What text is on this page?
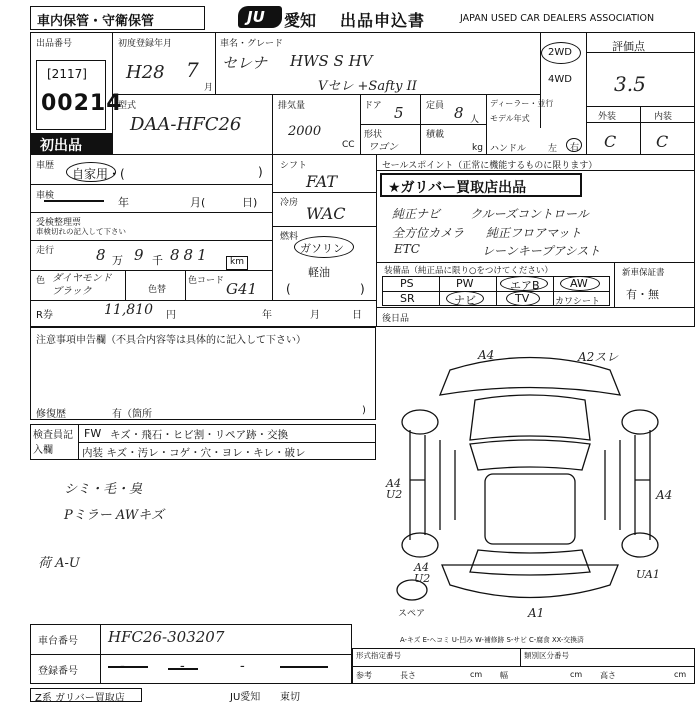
車内保管・守衛保管	JU 愛知 出品申込書	JAPAN USED CAR DEALERS ASSOCIATION
出品番号
[2117]
00214
初出品
初度登録年月
H28 7
月
車名・グレード
セレナ HWS S HV
Vセレ +Safty II
2WD
4WD
評価点
3.5
外装	内装
C C
型式
DAA-HFC26
排気量
2000
CC
ドア 5 定員 8 人
形状
ワゴン
積載
kg
ディーラー・並行
モデル年式
ハンドル 左 右
車歴
自家用・(	)
車検	年	月(	日)
受検整理票
車検切れの記入して下さい
走行	8 万 9 千 881 km
色 ダイヤモンド ブラック	色替
色コード G41
シフト
FAT
冷房
WAC
燃料
ガソリン
軽油
(	)
R券	11,810 円	年	月	日
セールスポイント（正常に機能するものに限ります）
★ガリバー買取店出品
純正ナビ クルーズコントロール
全方位カメラ 純正フロアマット
ETC	レーンキープアシスト
装備品（純正品に限り○をつけてください）	新車保証書
有・無
PS	PW	エアB	AW
SR	ナビ	TV	カワシート
後日品
注意事項申告欄（不具合内容等は具体的に記入して下さい）
修復歴	有（箇所	)
検査員記入欄
FW キズ・飛石・ヒビ割・リペア跡・交換
内装 キズ・汚レ・コゲ・穴・ヨレ・キレ・破レ
シミ・毛・臭
Pミラー AWキズ
荷 A-U
A4	A2スレ
A4 U2	A4
A4 U2	UA1
A1
スペア
A-キズ E-ヘコミ U-凹み W-補修跡 S-サビ C-腐食 XX-交換済
車台番号 HFC26-303207
登録番号	-	-	-
形式指定番号	類別区分番号
参考	長さ	cm 幅	cm 高さ	cm
Z系 ガリバー買取店	JU愛知 東切
